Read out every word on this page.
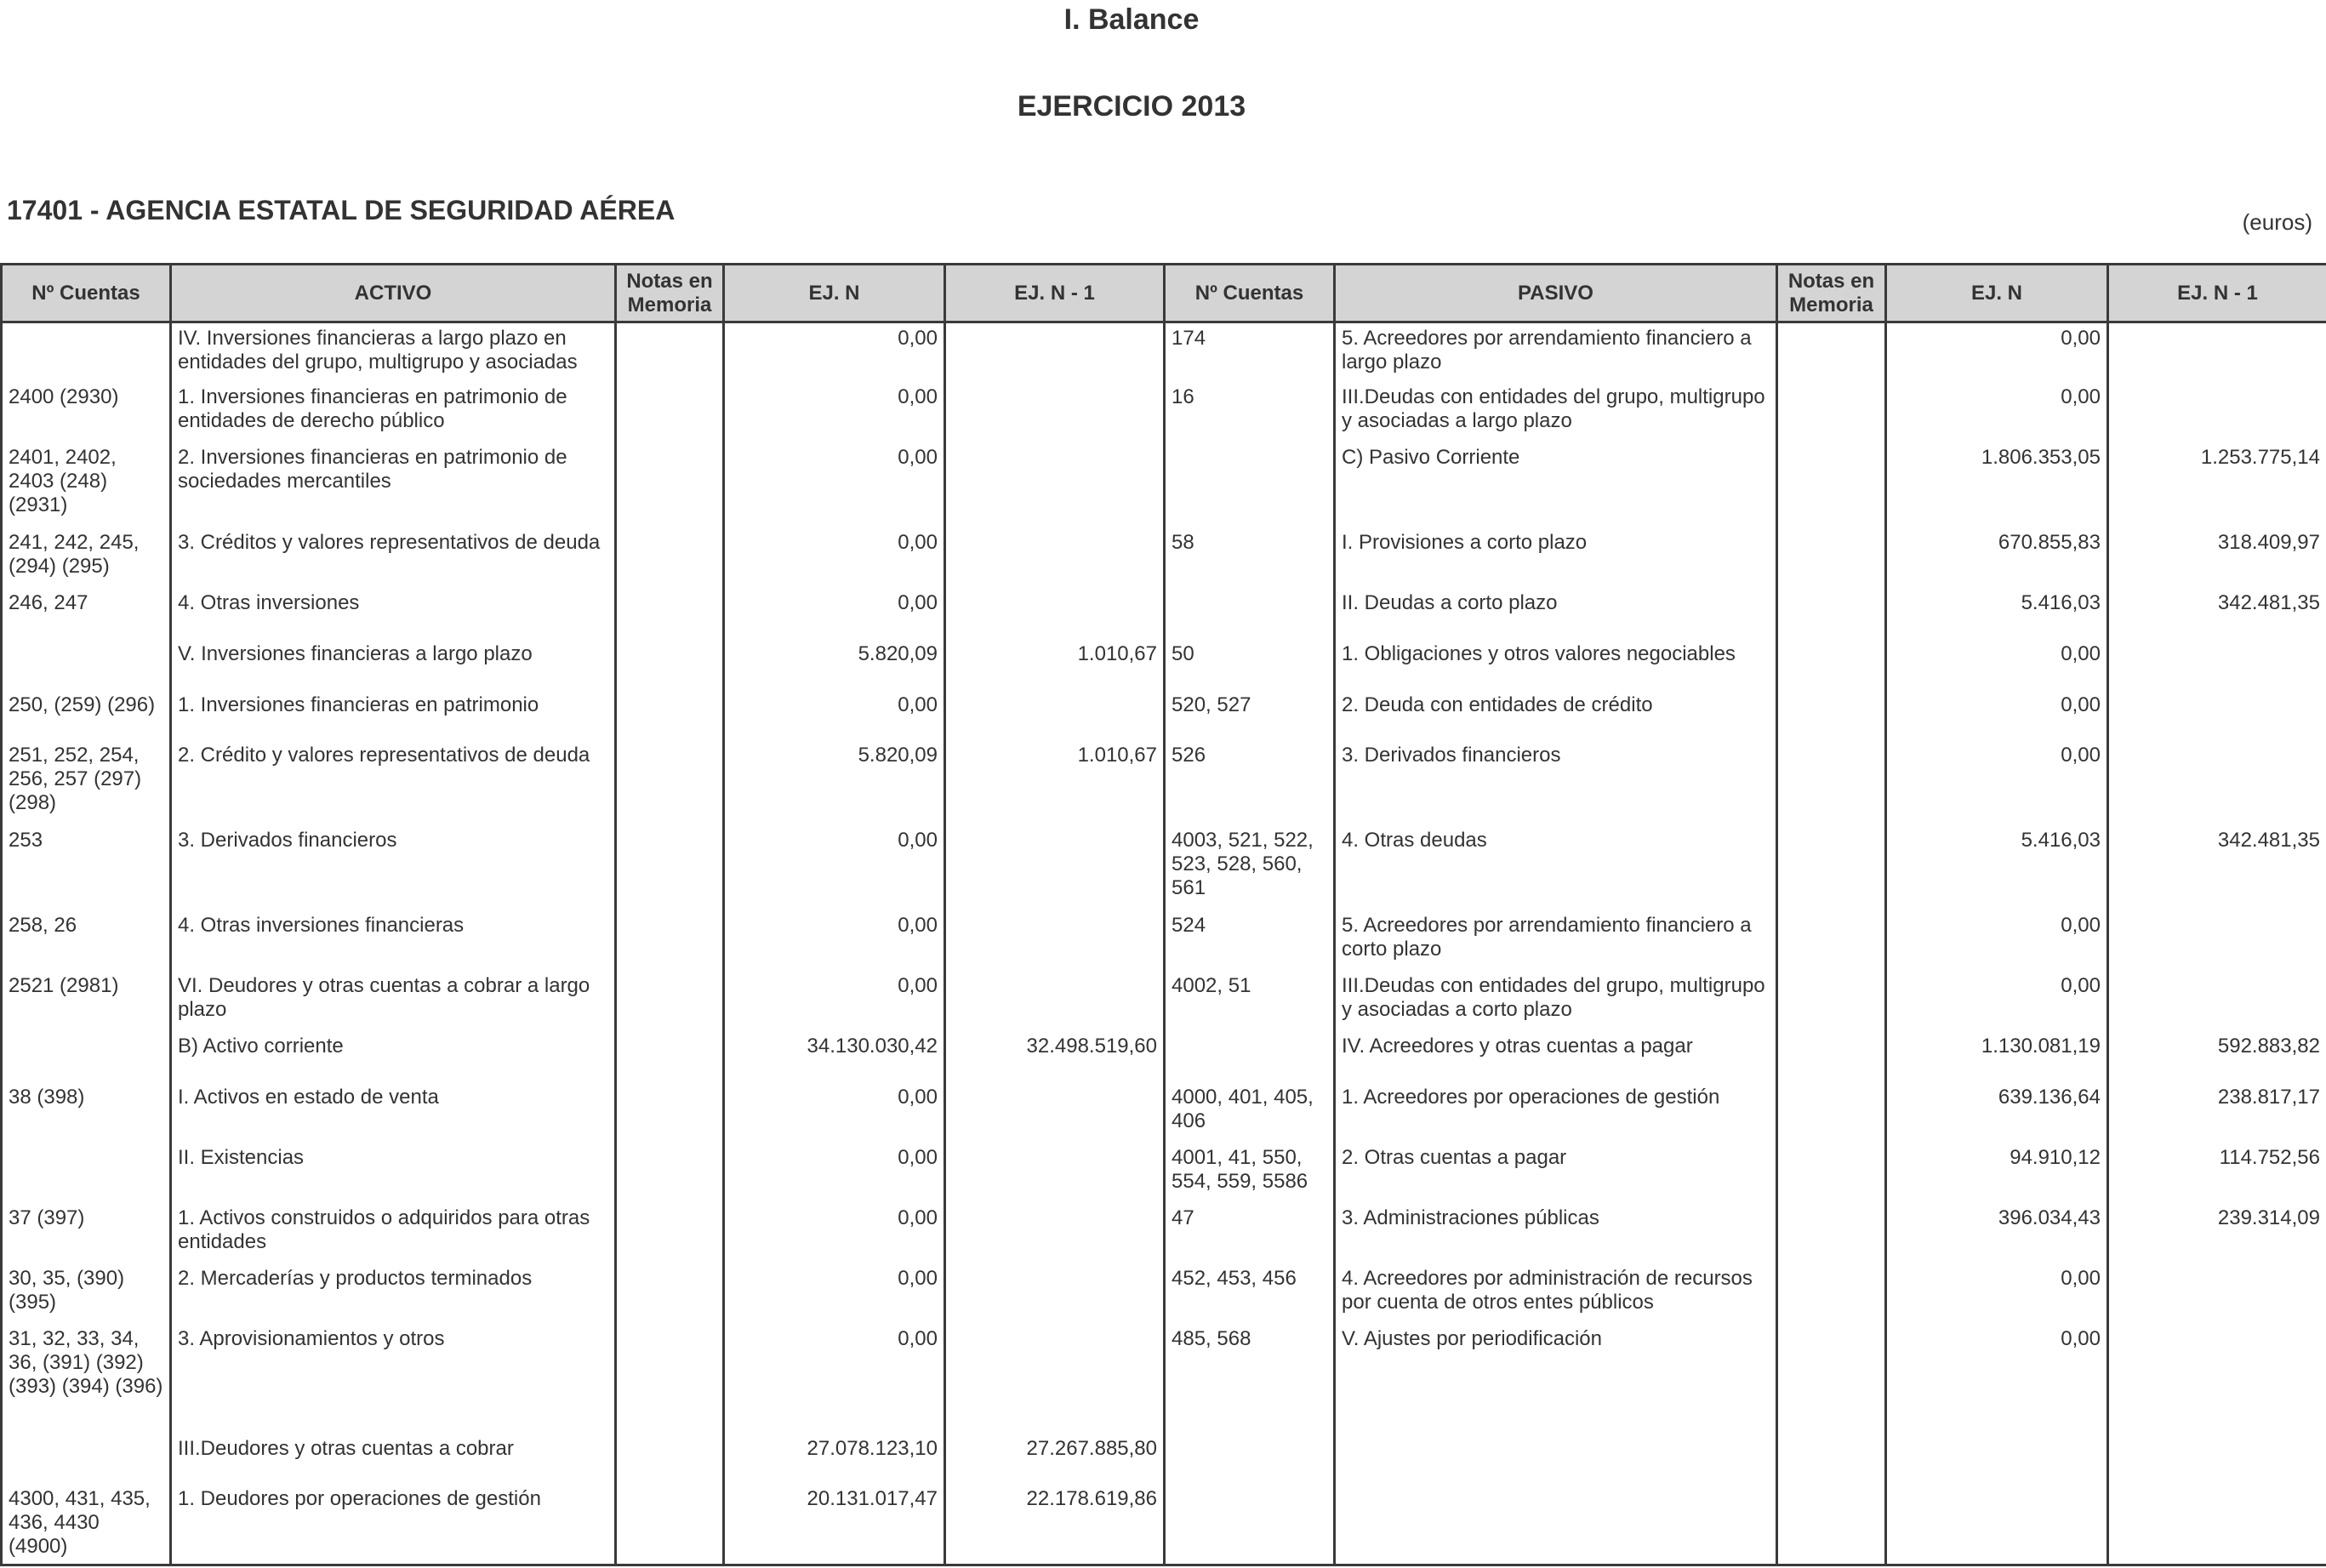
I. Balance
EJERCICIO 2013
17401 - AGENCIA ESTATAL DE SEGURIDAD AÉREA	(euros)
Nº Cuentas	ACTIVO	Notas en Memoria	EJ. N	EJ. N - 1	Nº Cuentas	PASIVO	Notas en Memoria	EJ. N	EJ. N - 1
	IV. Inversiones financieras a largo plazo en entidades del grupo, multigrupo y asociadas		0,00		174	5. Acreedores por arrendamiento financiero a largo plazo		0,00	
2400 (2930)	1. Inversiones financieras en patrimonio de entidades de derecho público		0,00		16	III.Deudas con entidades del grupo, multigrupo y asociadas a largo plazo		0,00	
2401, 2402, 2403 (248) (2931)	2. Inversiones financieras en patrimonio de sociedades mercantiles		0,00			C) Pasivo Corriente		1.806.353,05	1.253.775,14
241, 242, 245, (294) (295)	3. Créditos y valores representativos de deuda		0,00		58	I. Provisiones a corto plazo		670.855,83	318.409,97
246, 247	4. Otras inversiones		0,00			II. Deudas a corto plazo		5.416,03	342.481,35
	V. Inversiones financieras a largo plazo		5.820,09	1.010,67	50	1. Obligaciones y otros valores negociables		0,00	
250, (259) (296)	1. Inversiones financieras en patrimonio		0,00		520, 527	2. Deuda con entidades de crédito		0,00	
251, 252, 254, 256, 257 (297) (298)	2. Crédito y valores representativos de deuda		5.820,09	1.010,67	526	3. Derivados financieros		0,00	
253	3. Derivados financieros		0,00		4003, 521, 522, 523, 528, 560, 561	4. Otras deudas		5.416,03	342.481,35
258, 26	4. Otras inversiones financieras		0,00		524	5. Acreedores por arrendamiento financiero a corto plazo		0,00	
2521 (2981)	VI. Deudores y otras cuentas a cobrar a largo plazo		0,00		4002, 51	III.Deudas con entidades del grupo, multigrupo y asociadas a corto plazo		0,00	
	B) Activo corriente		34.130.030,42	32.498.519,60		IV. Acreedores y otras cuentas a pagar		1.130.081,19	592.883,82
38 (398)	I. Activos en estado de venta		0,00		4000, 401, 405, 406	1. Acreedores por operaciones de gestión		639.136,64	238.817,17
	II. Existencias		0,00		4001, 41, 550, 554, 559, 5586	2. Otras cuentas a pagar		94.910,12	114.752,56
37 (397)	1. Activos construidos o adquiridos para otras entidades		0,00		47	3. Administraciones públicas		396.034,43	239.314,09
30, 35, (390) (395)	2. Mercaderías y productos terminados		0,00		452, 453, 456	4. Acreedores por administración de recursos por cuenta de otros entes públicos		0,00	
31, 32, 33, 34, 36, (391) (392) (393) (394) (396)	3. Aprovisionamientos y otros		0,00		485, 568	V. Ajustes por periodificación		0,00	
	III.Deudores y otras cuentas a cobrar		27.078.123,10	27.267.885,80					
4300, 431, 435, 436, 4430 (4900)	1. Deudores por operaciones de gestión		20.131.017,47	22.178.619,86					
